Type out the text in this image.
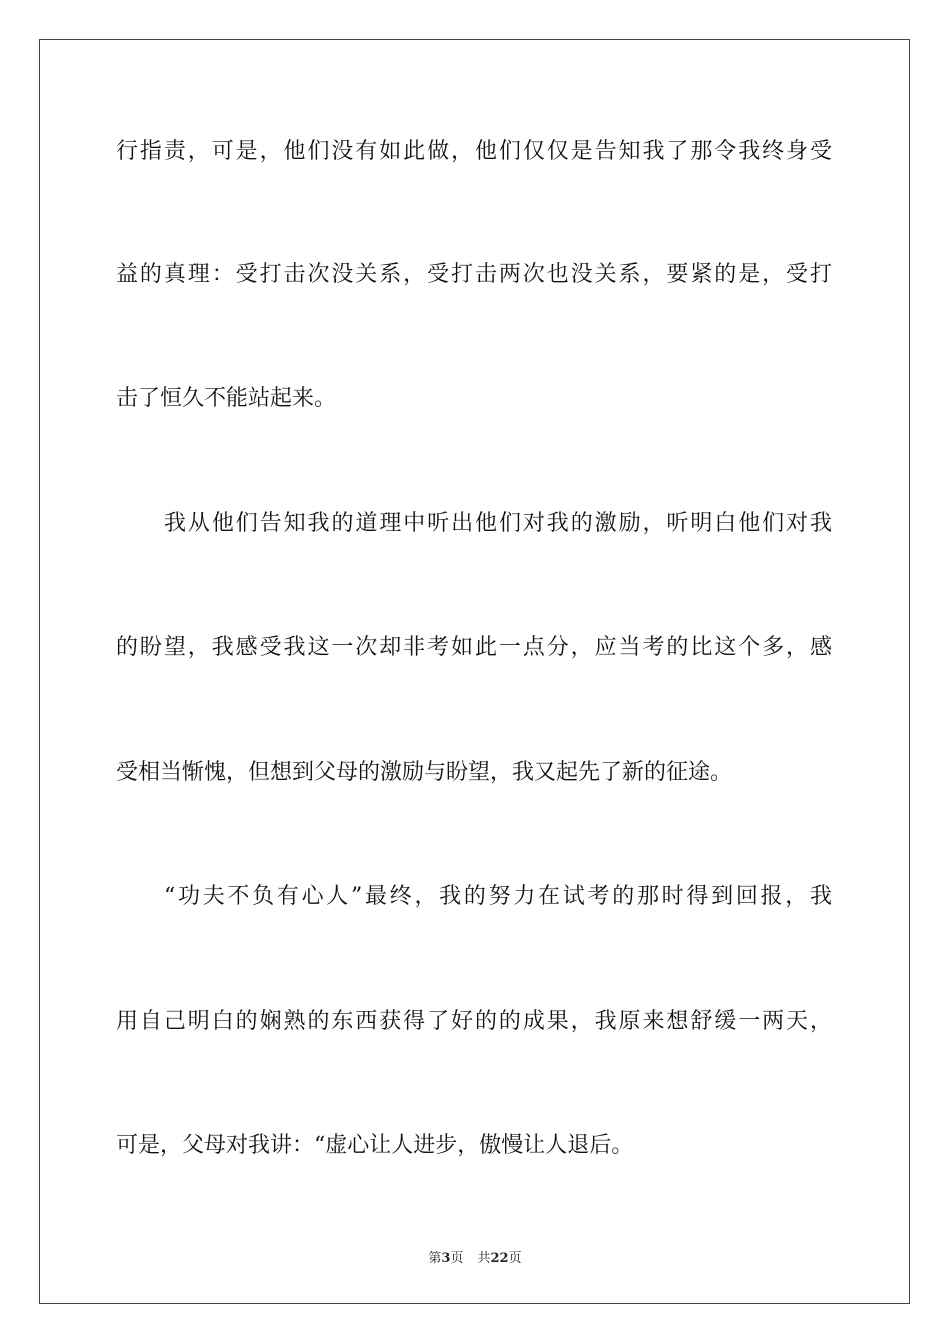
行指责，可是，他们没有如此做，他们仅仅是告知我了那令我终身受
益的真理：受打击次没关系，受打击两次也没关系，要紧的是，受打
击了恒久不能站起来。
我从他们告知我的道理中听出他们对我的激励，听明白他们对我
的盼望，我感受我这一次却非考如此一点分，应当考的比这个多，感
受相当惭愧，但想到父母的激励与盼望，我又起先了新的征途。
“功夫不负有心人”最终，我的努力在试考的那时得到回报，我
用自己明白的娴熟的东西获得了好的的成果，我原来想舒缓一两天，
可是，父母对我讲：“虚心让人进步，傲慢让人退后。
第3页 共22页
